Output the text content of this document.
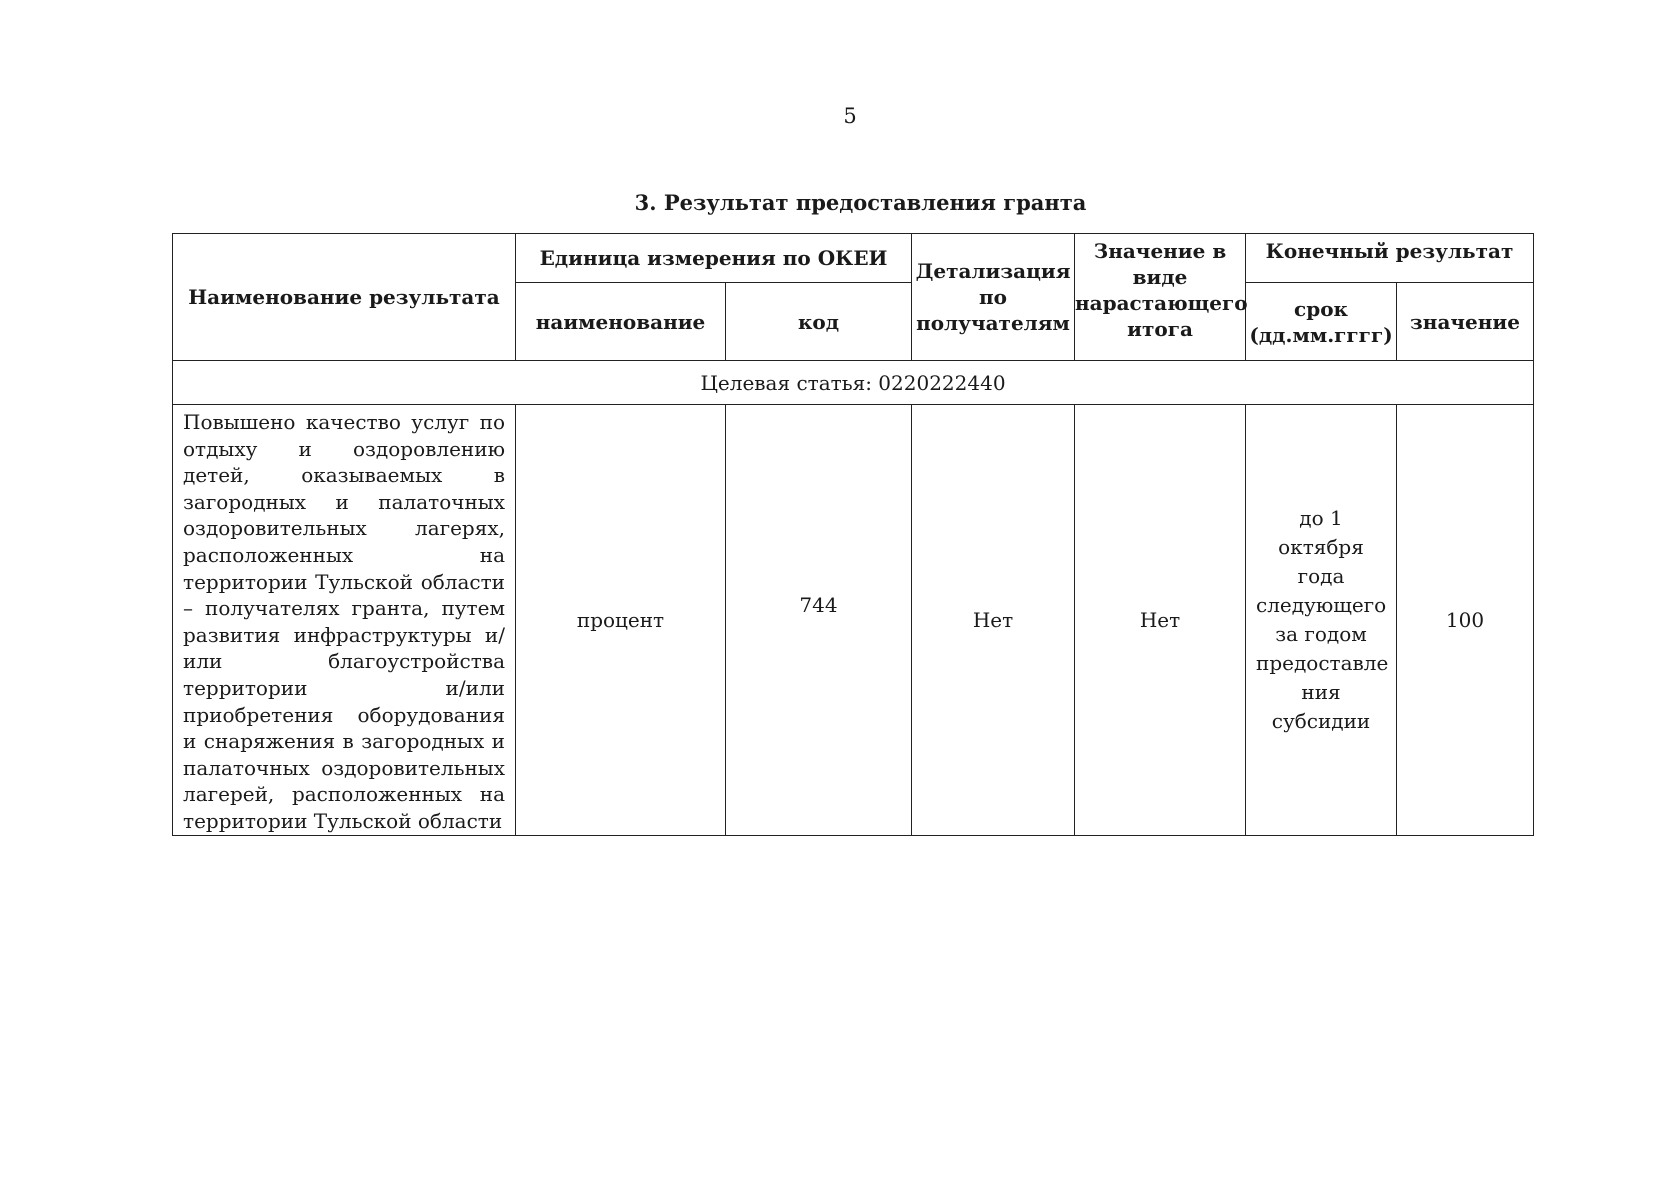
5
3. Результат предоставления гранта
Наименование результата	Единица измерения по ОКЕИ		Детализация по получателям	Значение в виде нарастающего итога	Конечный результат	
	наименование	код			срок (дд.мм.гггг)	значение
Целевая статья: 0220222440						
Повышено качество услуг по отдыху и оздоровлению детей, оказываемых в загородных и палаточных оздоровительных лагерях, расположенных на территории Тульской области – получателях гранта, путем развития инфраструктуры и/или благоустройства территории и/или приобретения оборудования и снаряжения в загородных и палаточных оздоровительных лагерей, расположенных на территории Тульской области	процент	744	Нет	Нет	до 1 октября года следующего за годом предоставле ния субсидии	100
